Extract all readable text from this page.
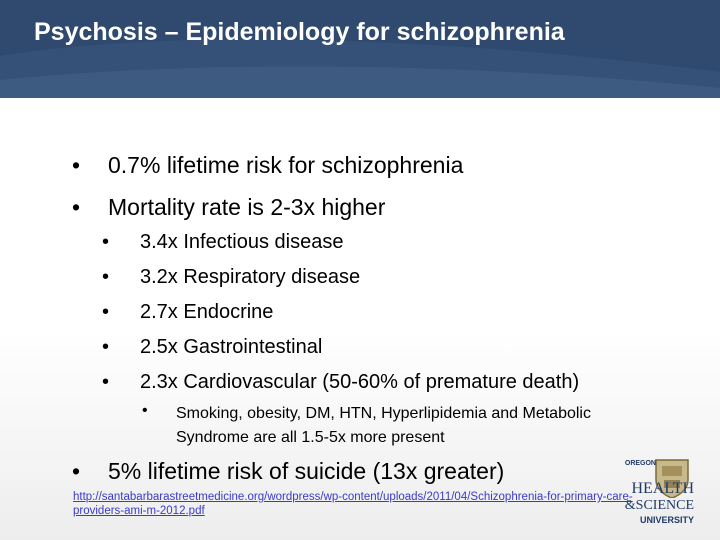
Psychosis – Epidemiology for schizophrenia
• 0.7% lifetime risk for schizophrenia
• Mortality rate is 2-3x higher
• 3.4x Infectious disease
• 3.2x Respiratory disease
• 2.7x Endocrine
• 2.5x Gastrointestinal
• 2.3x Cardiovascular (50-60% of premature death)
• Smoking, obesity, DM, HTN, Hyperlipidemia and Metabolic Syndrome are all 1.5-5x more present
• 5% lifetime risk of suicide (13x greater)
http://santabarbarastreetmedicine.org/wordpress/wp-content/uploads/2011/04/Schizophrenia-for-primary-care-providers-ami-m-2012.pdf
OREGON
HEALTH
&SCIENCE
UNIVERSITY
